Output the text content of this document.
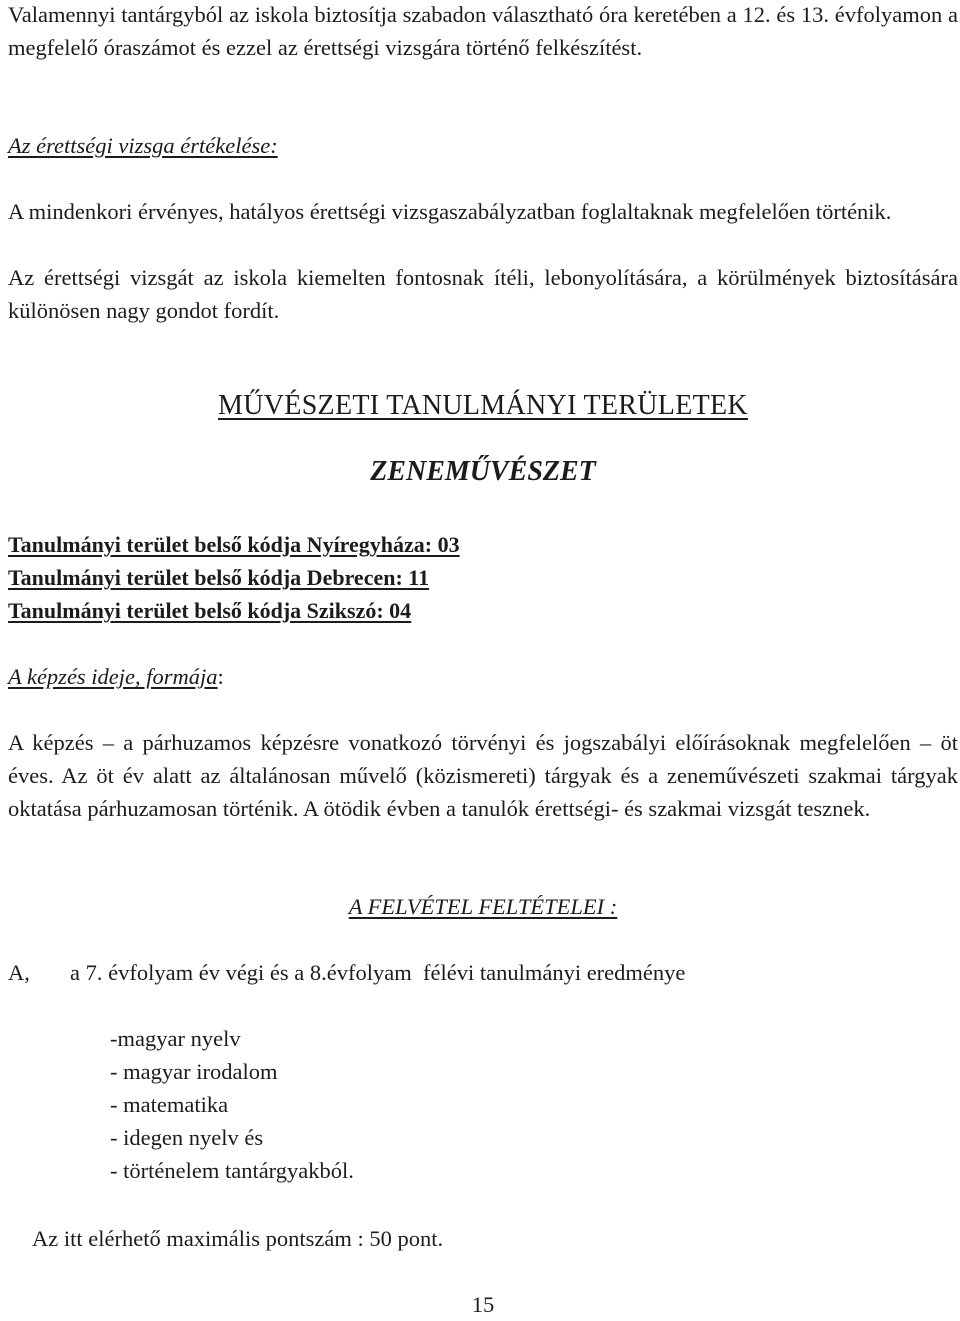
Valamennyi tantárgyból az iskola biztosítja szabadon választható óra keretében a 12. és 13. évfolyamon a megfelelő óraszámot és ezzel az érettségi vizsgára történő felkészítést.

Az érettségi vizsga értékelése:

A mindenkori érvényes, hatályos érettségi vizsgaszabályzatban foglaltaknak megfelelően történik.

Az érettségi vizsgát az iskola kiemelten fontosnak ítéli, lebonyolítására, a körülmények biztosítására különösen nagy gondot fordít.

MŰVÉSZETI TANULMÁNYI TERÜLETEK
ZENEMŰVÉSZET

Tanulmányi terület belső kódja Nyíregyháza: 03

Tanulmányi terület belső kódja Debrecen: 11

Tanulmányi terület belső kódja Szikszó: 04

A képzés ideje, formája:

A képzés – a párhuzamos képzésre vonatkozó törvényi és jogszabályi előírásoknak megfelelően – öt éves. Az öt év alatt az általánosan művelő (közismereti) tárgyak és a zeneművészeti szakmai tárgyak oktatása párhuzamosan történik. A ötödik évben a tanulók érettségi- és szakmai vizsgát tesznek.

A FELVÉTEL FELTÉTELEI :

A, a 7. évfolyam év végi és a 8.évfolyam  félévi tanulmányi eredménye

-magyar nyelv
- magyar irodalom
- matematika
- idegen nyelv és
- történelem tantárgyakból.

Az itt elérhető maximális pontszám : 50 pont.

15
